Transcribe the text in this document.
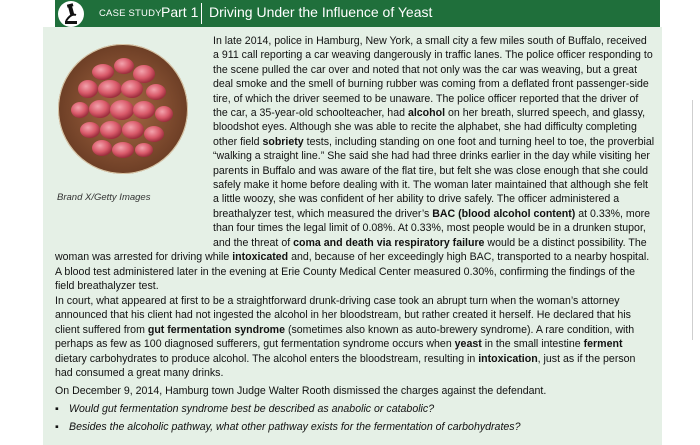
CASE STUDY Part 1 Driving Under the Influence of Yeast
Brand X/Getty Images

In late 2014, police in Hamburg, New York, a small city a few miles south of Buffalo, received a 911 call reporting a car weaving dangerously in traffic lanes. The police officer responding to the scene pulled the car over and noted that not only was the car was weaving, but a great deal smoke and the smell of burning rubber was coming from a deflated front passenger-side tire, of which the driver seemed to be unaware. The police officer reported that the driver of the car, a 35-year-old schoolteacher, had alcohol on her breath, slurred speech, and glassy, bloodshot eyes. Although she was able to recite the alphabet, she had difficulty completing other field sobriety tests, including standing on one foot and turning heel to toe, the proverbial “walking a straight line.” She said she had had three drinks earlier in the day while visiting her parents in Buffalo and was aware of the flat tire, but felt she was close enough that she could safely make it home before dealing with it. The woman later maintained that although she felt a little woozy, she was confident of her ability to drive safely. The officer administered a breathalyzer test, which measured the driver’s BAC (blood alcohol content) at 0.33%, more than four times the legal limit of 0.08%. At 0.33%, most people would be in a drunken stupor, and the threat of coma and death via respiratory failure would be a distinct possibility. The woman was arrested for driving while intoxicated and, because of her exceedingly high BAC, transported to a nearby hospital. A blood test administered later in the evening at Erie County Medical Center measured 0.30%, confirming the findings of the field breathalyzer test.

In court, what appeared at first to be a straightforward drunk-driving case took an abrupt turn when the woman’s attorney announced that his client had not ingested the alcohol in her bloodstream, but rather created it herself. He declared that his client suffered from gut fermentation syndrome (sometimes also known as auto-brewery syndrome). A rare condition, with perhaps as few as 100 diagnosed sufferers, gut fermentation syndrome occurs when yeast in the small intestine ferment dietary carbohydrates to produce alcohol. The alcohol enters the bloodstream, resulting in intoxication, just as if the person had consumed a great many drinks.

On December 9, 2014, Hamburg town Judge Walter Rooth dismissed the charges against the defendant.

▪ Would gut fermentation syndrome best be described as anabolic or catabolic?

▪ Besides the alcoholic pathway, what other pathway exists for the fermentation of carbohydrates?
